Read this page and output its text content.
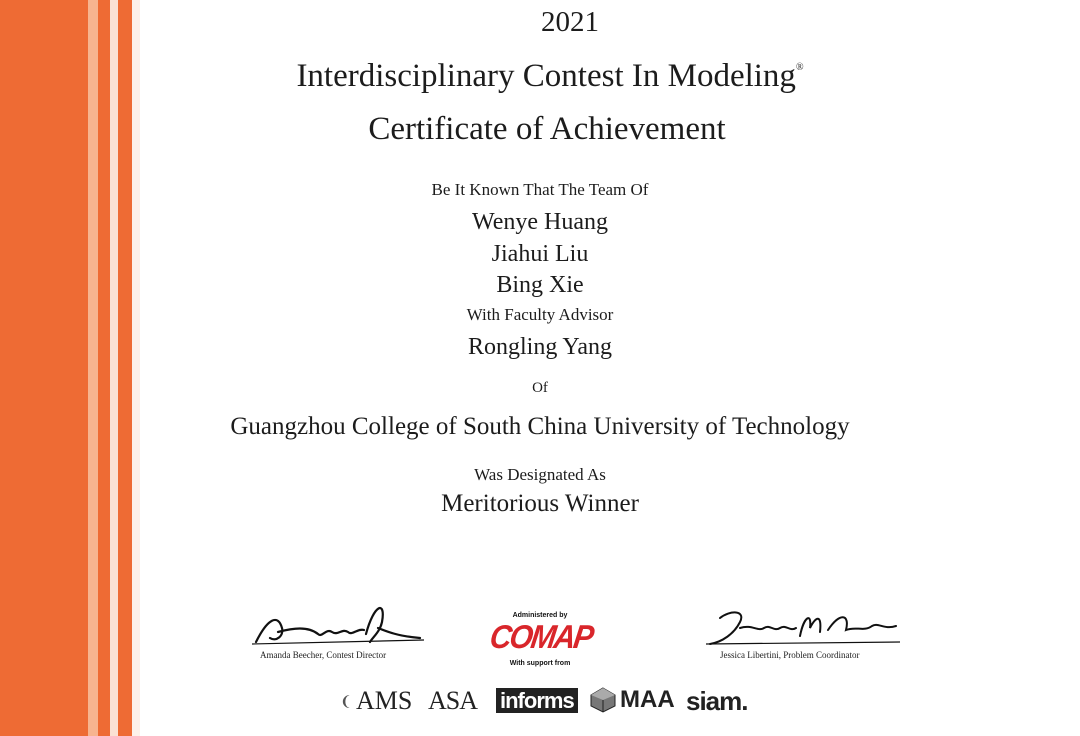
2021
Interdisciplinary Contest In Modeling®
Certificate of Achievement
Be It Known That The Team Of
Wenye Huang
Jiahui Liu
Bing Xie
With Faculty Advisor
Rongling Yang
Of
Guangzhou College of South China University of Technology
Was Designated As
Meritorious Winner
Amanda Beecher, Contest Director
Administered by
COMAP
With support from
Jessica Libertini, Problem Coordinator
❨ AMS ASA informs	MAA siam.
